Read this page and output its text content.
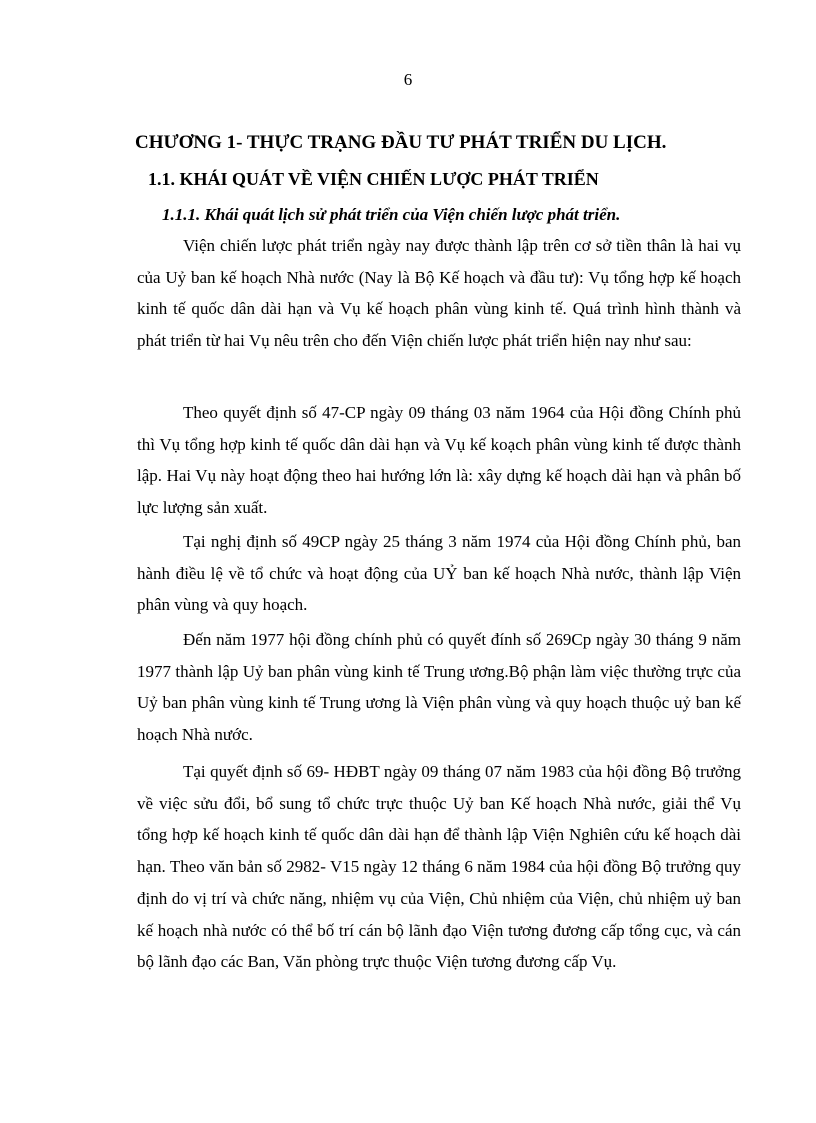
6
CHƯƠNG 1- THỰC TRẠNG ĐẦU TƯ PHÁT TRIỂN DU LỊCH.
1.1. KHÁI QUÁT VỀ VIỆN CHIẾN LƯỢC PHÁT TRIỂN
1.1.1. Khái quát lịch sử phát triển của Viện chiến lược phát triển.

Viện chiến lược phát triển ngày nay được thành lập trên cơ sở tiền thân là hai vụ của Uỷ ban kế hoạch Nhà nước (Nay là Bộ Kế hoạch và đầu tư): Vụ tổng hợp kế hoạch kinh tế quốc dân dài hạn và Vụ kế hoạch phân vùng kinh tế. Quá trình hình thành và phát triển từ hai Vụ nêu trên cho đến Viện chiến lược phát triển hiện nay như sau:

Theo quyết định số 47-CP ngày 09 tháng 03 năm 1964 của Hội đồng Chính phủ thì Vụ tổng hợp kinh tế quốc dân dài hạn và Vụ kế koạch phân vùng kinh tế được thành lập. Hai Vụ này hoạt động theo hai hướng lớn là: xây dựng kế hoạch dài hạn và phân bố lực lượng sản xuất.

Tại nghị định số 49CP ngày 25 tháng 3 năm 1974 của Hội đồng Chính phủ, ban hành điều lệ về tổ chức và hoạt động của UỶ ban kế hoạch Nhà nước, thành lập Viện phân vùng và quy hoạch.

Đến năm 1977 hội đồng chính phủ có quyết đính số 269Cp ngày 30 tháng 9 năm 1977 thành lập Uỷ ban phân vùng kinh tế Trung ương.Bộ phận làm việc thường trực của Uỷ ban phân vùng kinh tế Trung ương là Viện phân vùng và quy hoạch thuộc uỷ ban kế hoạch Nhà nước.

Tại quyết định số 69- HĐBT ngày 09 tháng 07 năm 1983 của hội đồng Bộ trưởng về việc sửu đổi, bổ sung tổ chức trực thuộc Uỷ ban Kế hoạch Nhà nước, giải thể Vụ tổng hợp kế hoạch kinh tế quốc dân dài hạn để thành lập Viện Nghiên cứu kế hoạch dài hạn. Theo văn bản số 2982- V15 ngày 12 tháng 6 năm 1984 của hội đồng Bộ trưởng quy định do vị trí và chức năng, nhiệm vụ của Viện, Chủ nhiệm của Viện, chủ nhiệm uỷ ban kế hoạch nhà nước có thể bố trí cán bộ lãnh đạo Viện tương đương cấp tổng cục, và cán bộ lãnh đạo các Ban, Văn phòng trực thuộc Viện tương đương cấp Vụ.
